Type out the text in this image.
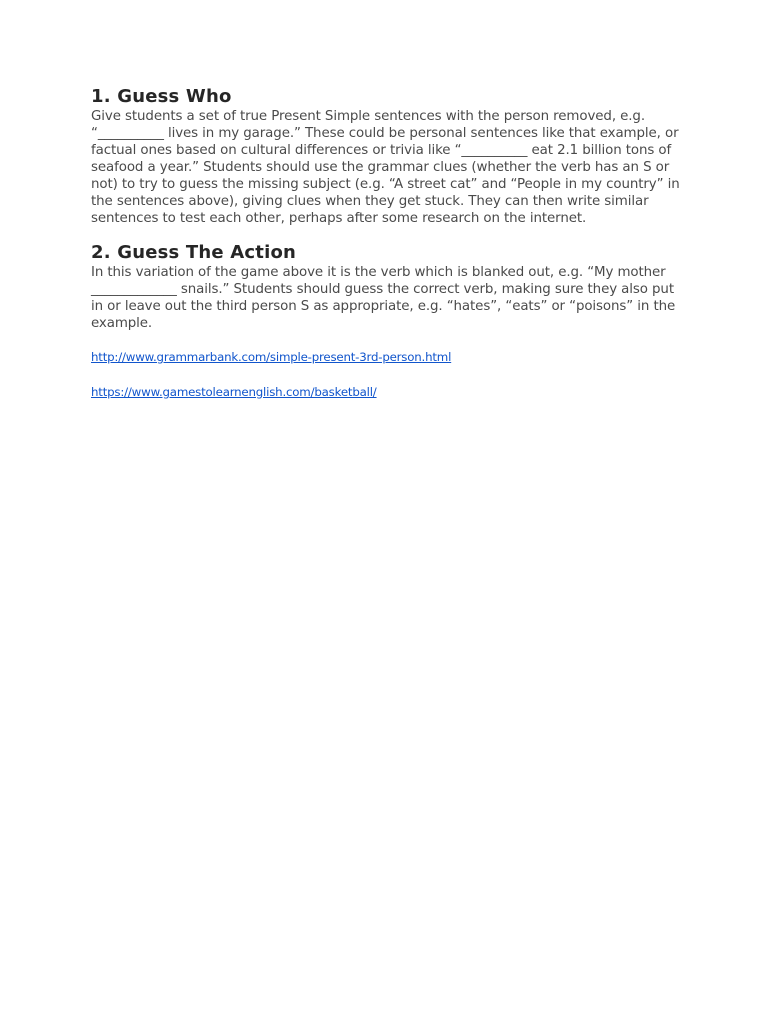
1. Guess Who

Give students a set of true Present Simple sentences with the person removed, e.g. “__________ lives in my garage.” These could be personal sentences like that example, or factual ones based on cultural differences or trivia like “__________ eat 2.1 billion tons of seafood a year.” Students should use the grammar clues (whether the verb has an S or not) to try to guess the missing subject (e.g. “A street cat” and “People in my country” in the sentences above), giving clues when they get stuck. They can then write similar sentences to test each other, perhaps after some research on the internet.

2. Guess The Action

In this variation of the game above it is the verb which is blanked out, e.g. “My mother _____________ snails.” Students should guess the correct verb, making sure they also put in or leave out the third person S as appropriate, e.g. “hates”, “eats” or “poisons” in the example.

http://www.grammarbank.com/simple-present-3rd-person.html
https://www.gamestolearnenglish.com/basketball/
